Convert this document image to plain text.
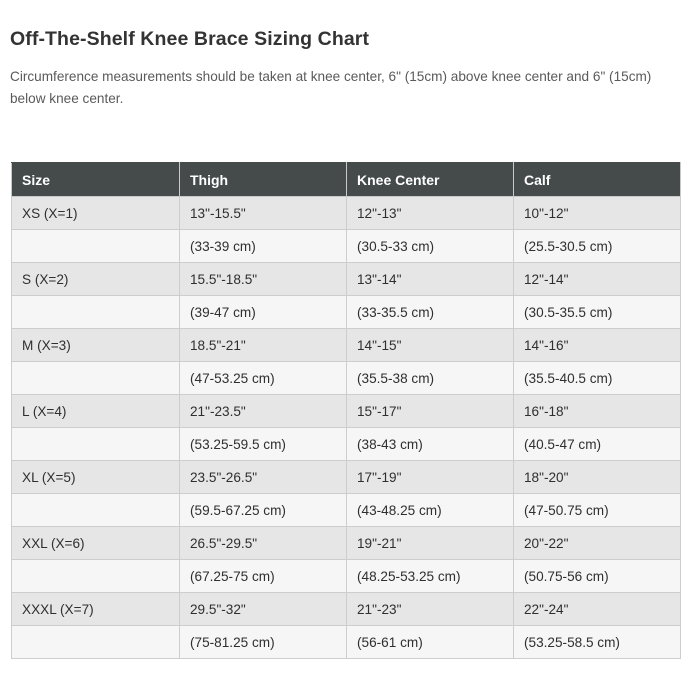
Off-The-Shelf Knee Brace Sizing Chart
Circumference measurements should be taken at knee center, 6" (15cm) above knee center and 6" (15cm) below knee center.
Size	Thigh	Knee Center	Calf
XS (X=1)	13"-15.5"	12"-13"	10"-12"
	(33-39 cm)	(30.5-33 cm)	(25.5-30.5 cm)
S (X=2)	15.5"-18.5"	13"-14"	12"-14"
	(39-47 cm)	(33-35.5 cm)	(30.5-35.5 cm)
M (X=3)	18.5"-21"	14"-15"	14"-16"
	(47-53.25 cm)	(35.5-38 cm)	(35.5-40.5 cm)
L (X=4)	21"-23.5"	15"-17"	16"-18"
	(53.25-59.5 cm)	(38-43 cm)	(40.5-47 cm)
XL (X=5)	23.5"-26.5"	17"-19"	18"-20"
	(59.5-67.25 cm)	(43-48.25 cm)	(47-50.75 cm)
XXL (X=6)	26.5"-29.5"	19"-21"	20"-22"
	(67.25-75 cm)	(48.25-53.25 cm)	(50.75-56 cm)
XXXL (X=7)	29.5"-32"	21"-23"	22"-24"
	(75-81.25 cm)	(56-61 cm)	(53.25-58.5 cm)
